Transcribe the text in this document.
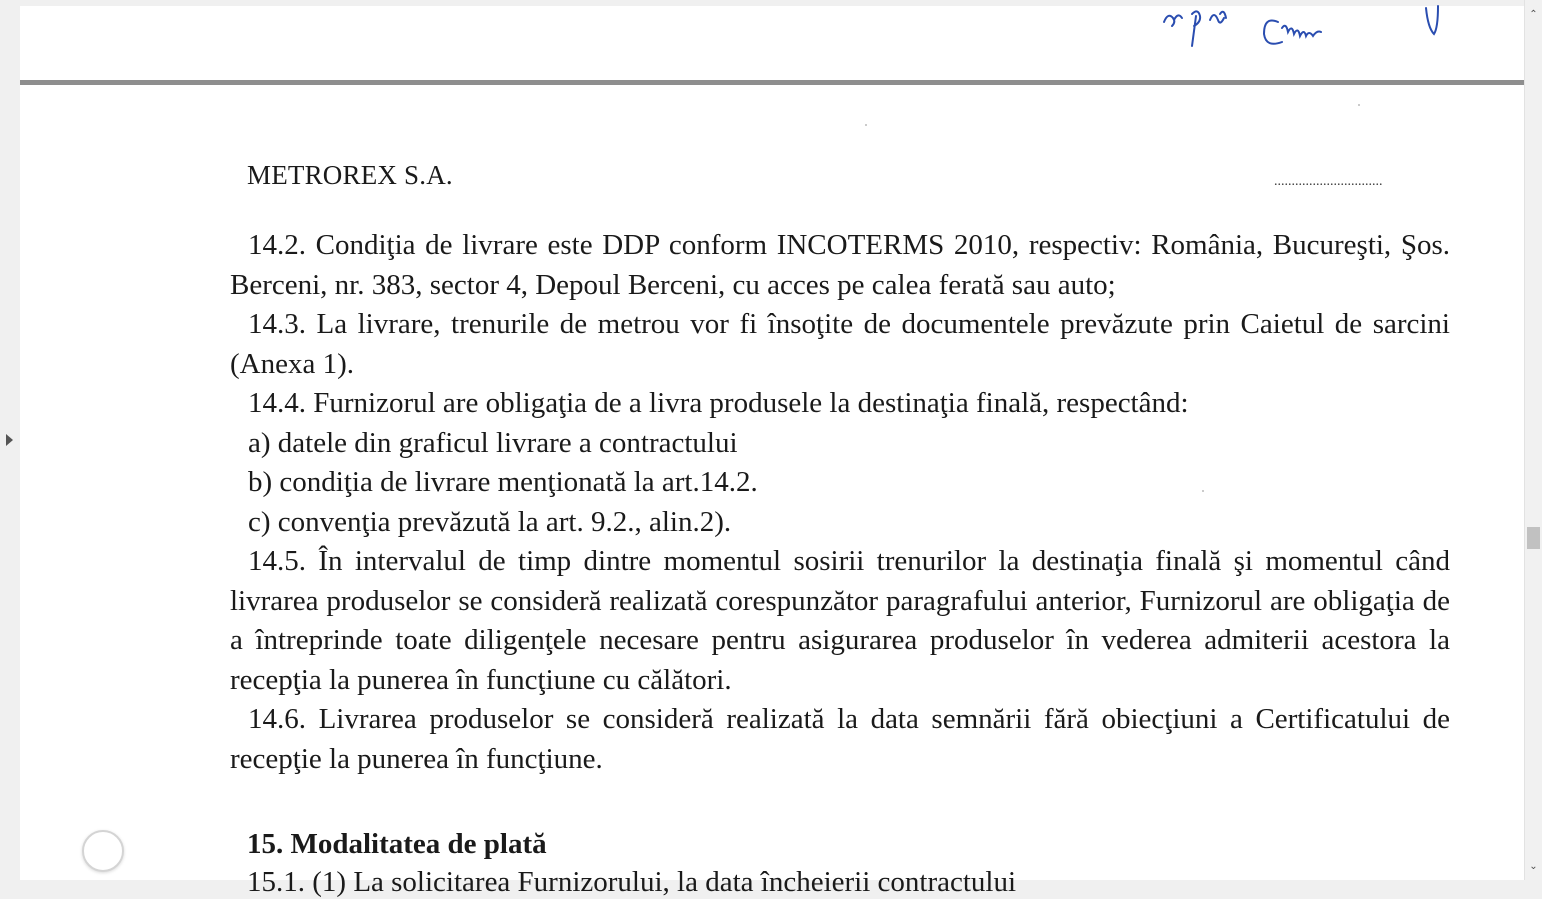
METROREX S.A.	...............................

14.2. Condiţia de livrare este DDP conform INCOTERMS 2010, respectiv: România, Bucureşti, Şos. Berceni, nr. 383, sector 4, Depoul Berceni, cu acces pe calea ferată sau auto;

14.3. La livrare, trenurile de metrou vor fi însoţite de documentele prevăzute prin Caietul de sarcini (Anexa 1).

14.4. Furnizorul are obligaţia de a livra produsele la destinaţia finală, respectând:

a) datele din graficul livrare a contractului

b) condiţia de livrare menţionată la art.14.2.

c) convenţia prevăzută la art. 9.2., alin.2).

14.5. În intervalul de timp dintre momentul sosirii trenurilor la destinaţia finală şi momentul când livrarea produselor se consideră realizată corespunzător paragrafului anterior, Furnizorul are obligaţia de a întreprinde toate diligenţele necesare pentru asigurarea produselor în vederea admiterii acestora la recepţia la punerea în funcţiune cu călători.

14.6. Livrarea produselor se consideră realizată la data semnării fără obiecţiuni a Certificatului de recepţie la punerea în funcţiune.

15. Modalitatea de plată
15.1. (1) La solicitarea Furnizorului, la data încheierii contractului
⌃
⌄
